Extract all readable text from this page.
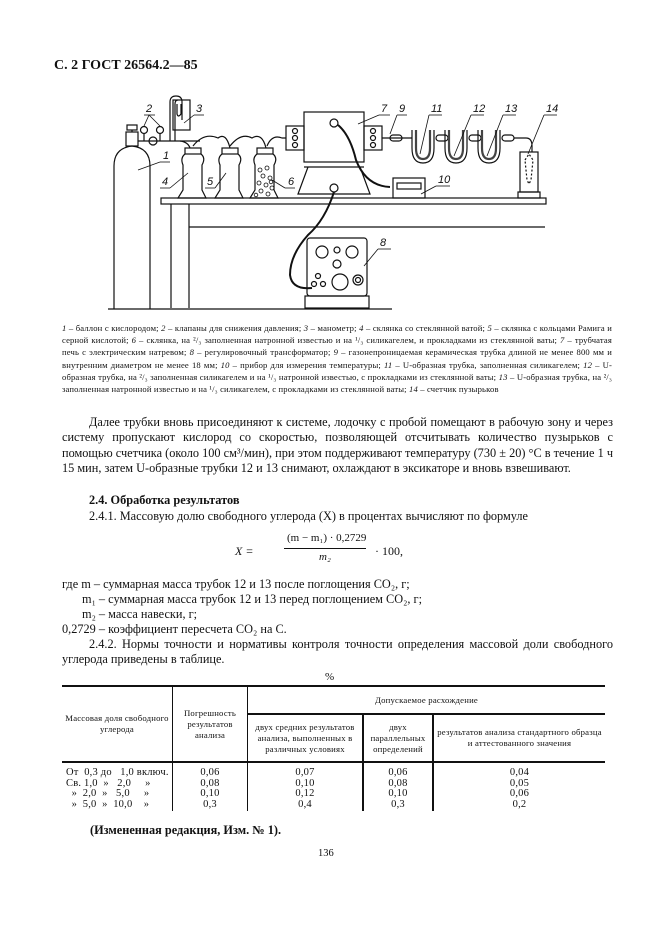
С. 2 ГОСТ 26564.2—85
2	3
1
4	5	6
7 9 11	12 13	14
10
8
1 – баллон с кислородом; 2 – клапаны для снижения давления; 3 – манометр; 4 – склянка со стеклянной ватой; 5 – склянка с кольцами Рамига и серной кислотой; 6 – склянка, на ²/₃ заполненная натронной известью и на ¹/₃ силикагелем, и прокладками из стеклянной ваты; 7 – трубчатая печь с электрическим натревом; 8 – регулировочный трансформатор; 9 – газонепроницаемая керамическая трубка длиной не менее 800 мм и внутренним диаметром не менее 18 мм; 10 – прибор для измерения температуры; 11 – U-образная трубка, заполненная силикагелем; 12 – U-образная трубка, на ²/₃ заполненная силикагелем и на ¹/₃ натронной известью, с прокладками из стеклянной ваты; 13 – U-образная трубка, на ²/₃ заполненная натронной известью и на ¹/₃ силикагелем, с прокладками из стеклянной ваты; 14 – счетчик пузырьков
Далее трубки вновь присоединяют к системе, лодочку с пробой помещают в рабочую зону и через систему пропускают кислород со скоростью, позволяющей отсчитывать количество пузырьков с помощью счетчика (около 100 см³/мин), при этом поддерживают температуру (730 ± 20) °С в течение 1 ч 15 мин, затем U-образные трубки 12 и 13 снимают, охлаждают в эксикаторе и вновь взвешивают.
2.4. Обработка результатов
2.4.1. Массовую долю свободного углерода (X) в процентах вычисляют по формуле
X =
(m − m₁) · 0,2729
m₂	· 100,
где m – суммарная масса трубок 12 и 13 после поглощения CO₂, г;
m₁ – суммарная масса трубок 12 и 13 перед поглощением CO₂, г;
m₂ – масса навески, г;
0,2729 – коэффициент пересчета CO₂ на С.
2.4.2. Нормы точности и нормативы контроля точности определения массовой доли свободного углерода приведены в таблице.
%
Массовая доля свободного углерода	Погрешность результатов анализа	Допускаемое расхождение		
		двух средних результатов анализа, выполненных в различных условиях	двух параллельных определений	результатов анализа стандартного образца и аттестованного значения
От  0,3 до   1,0 включ.	0,06	0,07	0,06	0,04
Св. 1,0  »   2,0     »	0,08	0,10	0,08	0,05
»  2,0  »   5,0     »	0,10	0,12	0,10	0,06
»  5,0  »  10,0    »	0,3	0,4	0,3	0,2
(Измененная редакция, Изм. № 1).
136
